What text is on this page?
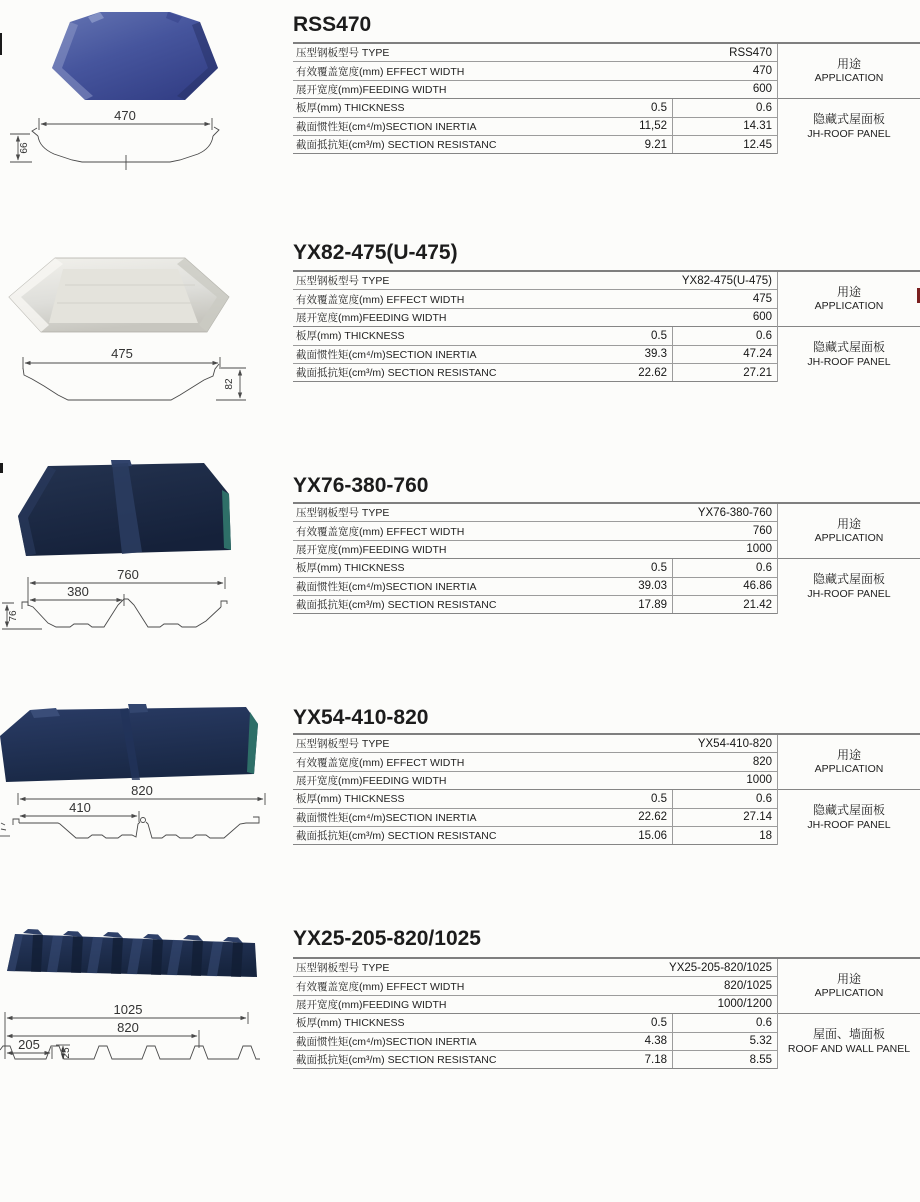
RSS470
470
66
压型钢板型号 TYPE	RSS470
有效覆盖宽度(mm) EFFECT WIDTH	470
展开宽度(mm)FEEDING WIDTH	600
板厚(mm) THICKNESS	0.5	0.6
截面惯性矩(cm⁴/m)SECTION INERTIA	11,52	14.31
截面抵抗矩(cm³/m) SECTION RESISTANC	9.21	12.45
用途
APPLICATION
隐藏式屋面板
JH-ROOF PANEL
YX82-475(U-475)
475
82
压型钢板型号 TYPE	YX82-475(U-475)
有效覆盖宽度(mm) EFFECT WIDTH	475
展开宽度(mm)FEEDING WIDTH	600
板厚(mm) THICKNESS	0.5	0.6
截面惯性矩(cm⁴/m)SECTION INERTIA	39.3	47.24
截面抵抗矩(cm³/m) SECTION RESISTANC	22.62	27.21
用途
APPLICATION
隐藏式屋面板
JH-ROOF PANEL
YX76-380-760
760
380
76
压型钢板型号 TYPE	YX76-380-760
有效覆盖宽度(mm) EFFECT WIDTH	760
展开宽度(mm)FEEDING WIDTH	1000
板厚(mm) THICKNESS	0.5	0.6
截面惯性矩(cm⁴/m)SECTION INERTIA	39.03	46.86
截面抵抗矩(cm³/m) SECTION RESISTANC	17.89	21.42
用途
APPLICATION
隐藏式屋面板
JH-ROOF PANEL
YX54-410-820
820
410
压型钢板型号 TYPE	YX54-410-820
有效覆盖宽度(mm) EFFECT WIDTH	820
展开宽度(mm)FEEDING WIDTH	1000
板厚(mm) THICKNESS	0.5	0.6
截面惯性矩(cm⁴/m)SECTION INERTIA	22.62	27.14
截面抵抗矩(cm³/m) SECTION RESISTANC	15.06	18
用途
APPLICATION
隐藏式屋面板
JH-ROOF PANEL
YX25-205-820/1025
1025
820
205
25
压型钢板型号 TYPE	YX25-205-820/1025
有效覆盖宽度(mm) EFFECT WIDTH	820/1025
展开宽度(mm)FEEDING WIDTH	1000/1200
板厚(mm) THICKNESS	0.5	0.6
截面惯性矩(cm⁴/m)SECTION INERTIA	4.38	5.32
截面抵抗矩(cm³/m) SECTION RESISTANC	7.18	8.55
用途
APPLICATION
屋面、墙面板
ROOF AND WALL PANEL
